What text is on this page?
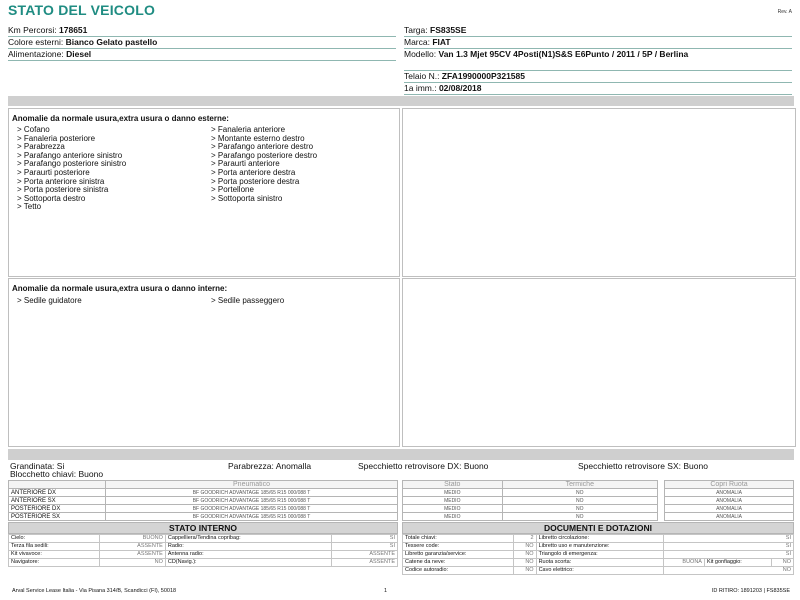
STATO DEL VEICOLO	Rev. A
Km Percorsi: 178651
Colore esterni: Bianco Gelato pastello
Alimentazione: Diesel
Targa: FS835SE
Marca: FIAT
Modello: Van 1.3 Mjet 95CV 4Posti(N1)S&S E6Punto / 2011 / 5P / Berlina
Telaio N.: ZFA1990000P321585
1a imm.: 02/08/2018
Anomalie da normale usura,extra usura o danno esterne:
> Cofano	> Fanaleria anteriore
> Fanaleria posteriore	> Montante esterno destro
> Parabrezza	> Parafango anteriore destro
> Parafango anteriore sinistro	> Parafango posteriore destro
> Parafango posteriore sinistro	> Paraurti anteriore
> Paraurti posteriore	> Porta anteriore destra
> Porta anteriore sinistra	> Porta posteriore destra
> Porta posteriore sinistra	> Portellone
> Sottoporta destro	> Sottoporta sinistro
> Tetto
Anomalie da normale usura,extra usura o danno interne:
> Sedile guidatore	> Sedile passeggero
Grandinata: Si	Parabrezza: Anomalla	Specchietto retrovisore DX: Buono	Specchietto retrovisore SX: Buono
Blocchetto chiavi: Buono
	Pneumatico
ANTERIORE DX	BF GOODRICH ADVANTAGE 185/65 R15 000/088 T
ANTERIORE SX	BF GOODRICH ADVANTAGE 185/65 R15 000/088 T
POSTERIORE DX	BF GOODRICH ADVANTAGE 185/65 R15 000/088 T
POSTERIORE SX	BF GOODRICH ADVANTAGE 185/65 R15 000/088 T
Stato	Termiche
MEDIO	NO
MEDIO	NO
MEDIO	NO
MEDIO	NO
Copri Ruota
ANOMALIA
ANOMALIA
ANOMALIA
ANOMALIA
STATO INTERNO
Cielo:	BUONO	Cappelliera/Tendina copribag:	SI
Terza fila sedili:	ASSENTE	Radio:	SI
Kit vivavoce:	ASSENTE	Antenna radio:	ASSENTE
Navigatore:	NO	CD(Navig.):	ASSENTE
DOCUMENTI E DOTAZIONI
Totale chiavi:	2	Libretto circolazione:	SI		
Tessere code:	NO	Libretto uso e manutenzione:	SI		
Libretto garanzia/service:	NO	Triangolo di emergenza:	SI		
Catene da neve:	NO	Ruota scorta:	BUONA	Kit gonfiaggio:	NO
Codice autoradio:	NO	Cavo elettrico:	NO		
Arval Service Lease Italia - Via Pisana 314/B, Scandicci (FI), 50018	1	ID RITIRO: 1891203 | FS835SE
